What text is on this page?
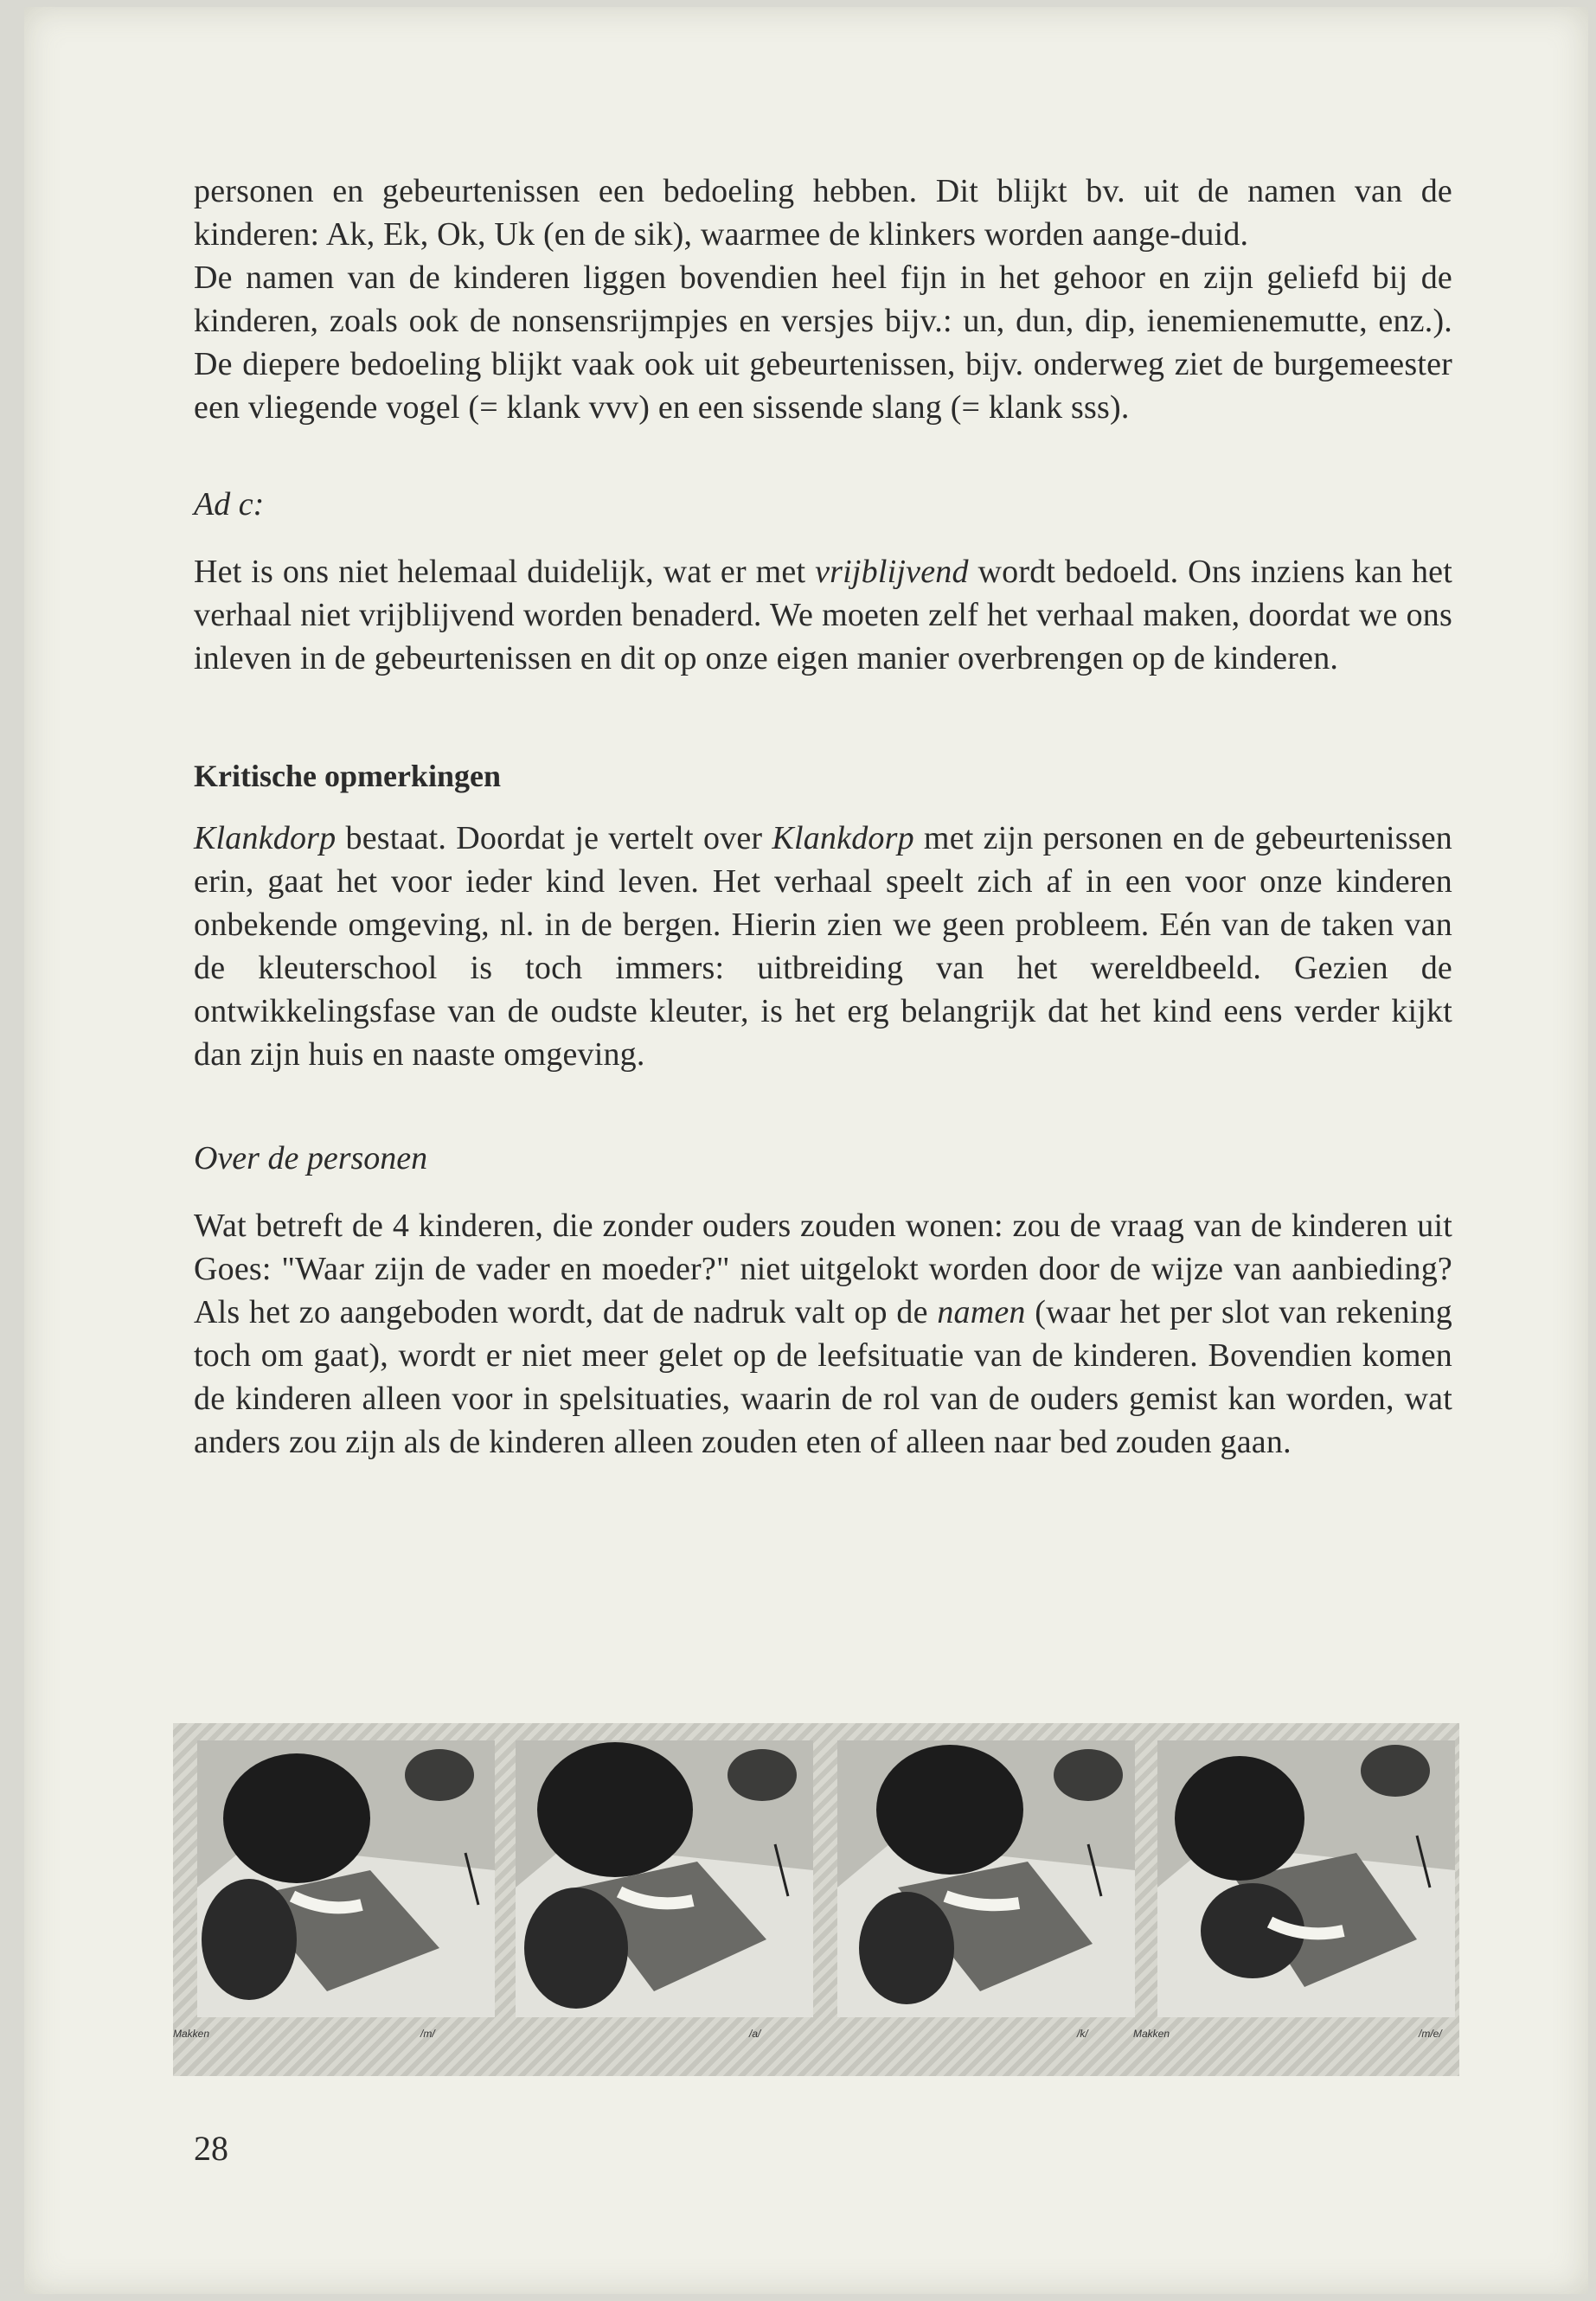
personen en gebeurtenissen een bedoeling hebben. Dit blijkt bv. uit de namen van de kinderen: Ak, Ek, Ok, Uk (en de sik), waarmee de klinkers worden aange-duid.

De namen van de kinderen liggen bovendien heel fijn in het gehoor en zijn geliefd bij de kinderen, zoals ook de nonsensrijmpjes en versjes bijv.: un, dun, dip, ienemienemutte, enz.). De diepere bedoeling blijkt vaak ook uit gebeurtenissen, bijv. onderweg ziet de burgemeester een vliegende vogel (= klank vvv) en een sissende slang (= klank sss).

Ad c:

Het is ons niet helemaal duidelijk, wat er met vrijblijvend wordt bedoeld. Ons inziens kan het verhaal niet vrijblijvend worden benaderd. We moeten zelf het verhaal maken, doordat we ons inleven in de gebeurtenissen en dit op onze eigen manier overbrengen op de kinderen.

Kritische opmerkingen

Klankdorp bestaat. Doordat je vertelt over Klankdorp met zijn personen en de gebeurtenissen erin, gaat het voor ieder kind leven. Het verhaal speelt zich af in een voor onze kinderen onbekende omgeving, nl. in de bergen. Hierin zien we geen probleem. Eén van de taken van de kleuterschool is toch immers: uitbreiding van het wereldbeeld. Gezien de ontwikkelingsfase van de oudste kleuter, is het erg belangrijk dat het kind eens verder kijkt dan zijn huis en naaste omgeving.

Over de personen

Wat betreft de 4 kinderen, die zonder ouders zouden wonen: zou de vraag van de kinderen uit Goes: "Waar zijn de vader en moeder?" niet uitgelokt worden door de wijze van aanbieding? Als het zo aangeboden wordt, dat de nadruk valt op de namen (waar het per slot van rekening toch om gaat), wordt er niet meer gelet op de leefsituatie van de kinderen. Bovendien komen de kinderen alleen voor in spelsituaties, waarin de rol van de ouders gemist kan worden, wat anders zou zijn als de kinderen alleen zouden eten of alleen naar bed zouden gaan.

Makken	/m/	/a/	/k/	Makken	/m/e/
28
